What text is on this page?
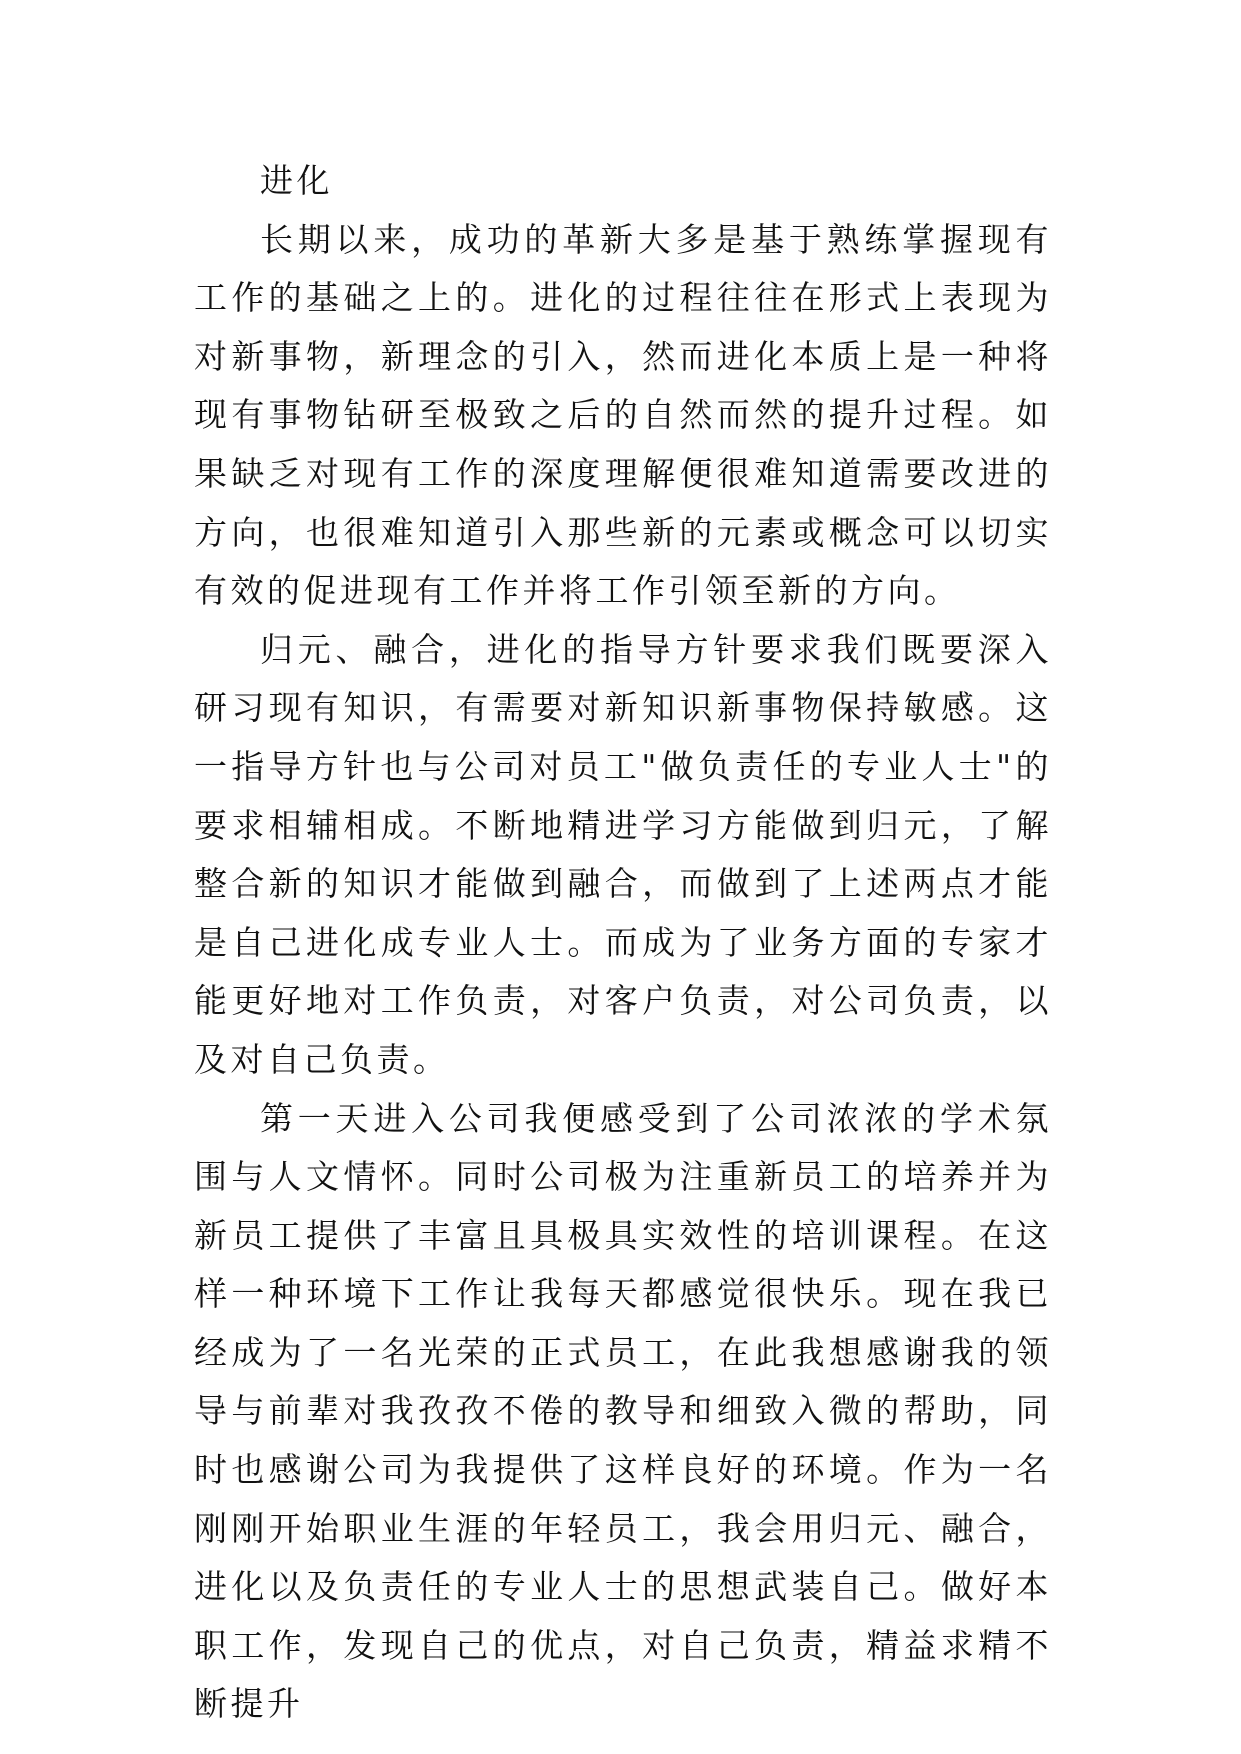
进化

长期以来，成功的革新大多是基于熟练掌握现有工作的基础之上的。进化的过程往往在形式上表现为对新事物，新理念的引入，然而进化本质上是一种将现有事物钻研至极致之后的自然而然的提升过程。如果缺乏对现有工作的深度理解便很难知道需要改进的方向，也很难知道引入那些新的元素或概念可以切实有效的促进现有工作并将工作引领至新的方向。

归元、融合，进化的指导方针要求我们既要深入研习现有知识，有需要对新知识新事物保持敏感。这一指导方针也与公司对员工"做负责任的专业人士"的要求相辅相成。不断地精进学习方能做到归元，了解整合新的知识才能做到融合，而做到了上述两点才能是自己进化成专业人士。而成为了业务方面的专家才能更好地对工作负责，对客户负责，对公司负责，以及对自己负责。

第一天进入公司我便感受到了公司浓浓的学术氛围与人文情怀。同时公司极为注重新员工的培养并为新员工提供了丰富且具极具实效性的培训课程。在这样一种环境下工作让我每天都感觉很快乐。现在我已经成为了一名光荣的正式员工，在此我想感谢我的领导与前辈对我孜孜不倦的教导和细致入微的帮助，同时也感谢公司为我提供了这样良好的环境。作为一名刚刚开始职业生涯的年轻员工，我会用归元、融合，进化以及负责任的专业人士的思想武装自己。做好本职工作，发现自己的优点，对自己负责，精益求精不断提升
